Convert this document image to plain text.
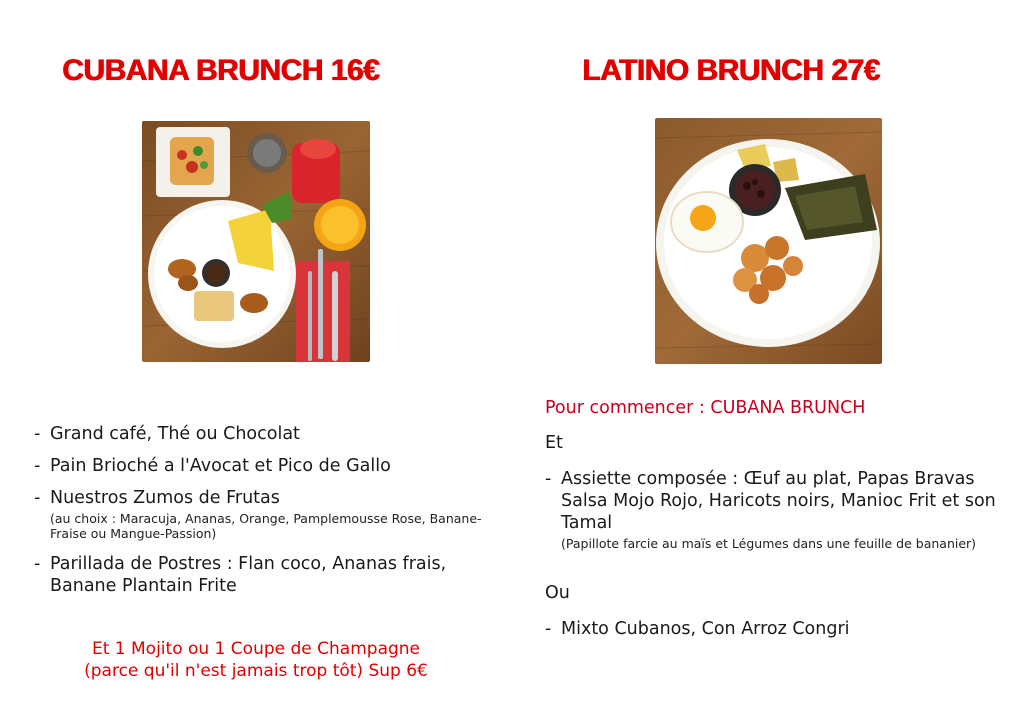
CUBANA BRUNCH 16€
- Grand café, Thé ou Chocolat
- Pain Brioché a l'Avocat et Pico de Gallo
- Nuestros Zumos de Frutas
(au choix : Maracuja, Ananas, Orange, Pamplemousse Rose, Banane-Fraise ou Mangue-Passion)
- Parillada de Postres : Flan coco, Ananas frais, Banane Plantain Frite
Et 1 Mojito ou 1 Coupe de Champagne
(parce qu'il n'est jamais trop tôt) Sup 6€
LATINO BRUNCH 27€
Pour commencer : CUBANA BRUNCH
Et
- Assiette composée : Œuf au plat, Papas Bravas Salsa Mojo Rojo, Haricots noirs, Manioc Frit et son Tamal
(Papillote farcie au maïs et Légumes dans une feuille de bananier)
Ou
- Mixto Cubanos, Con Arroz Congri
